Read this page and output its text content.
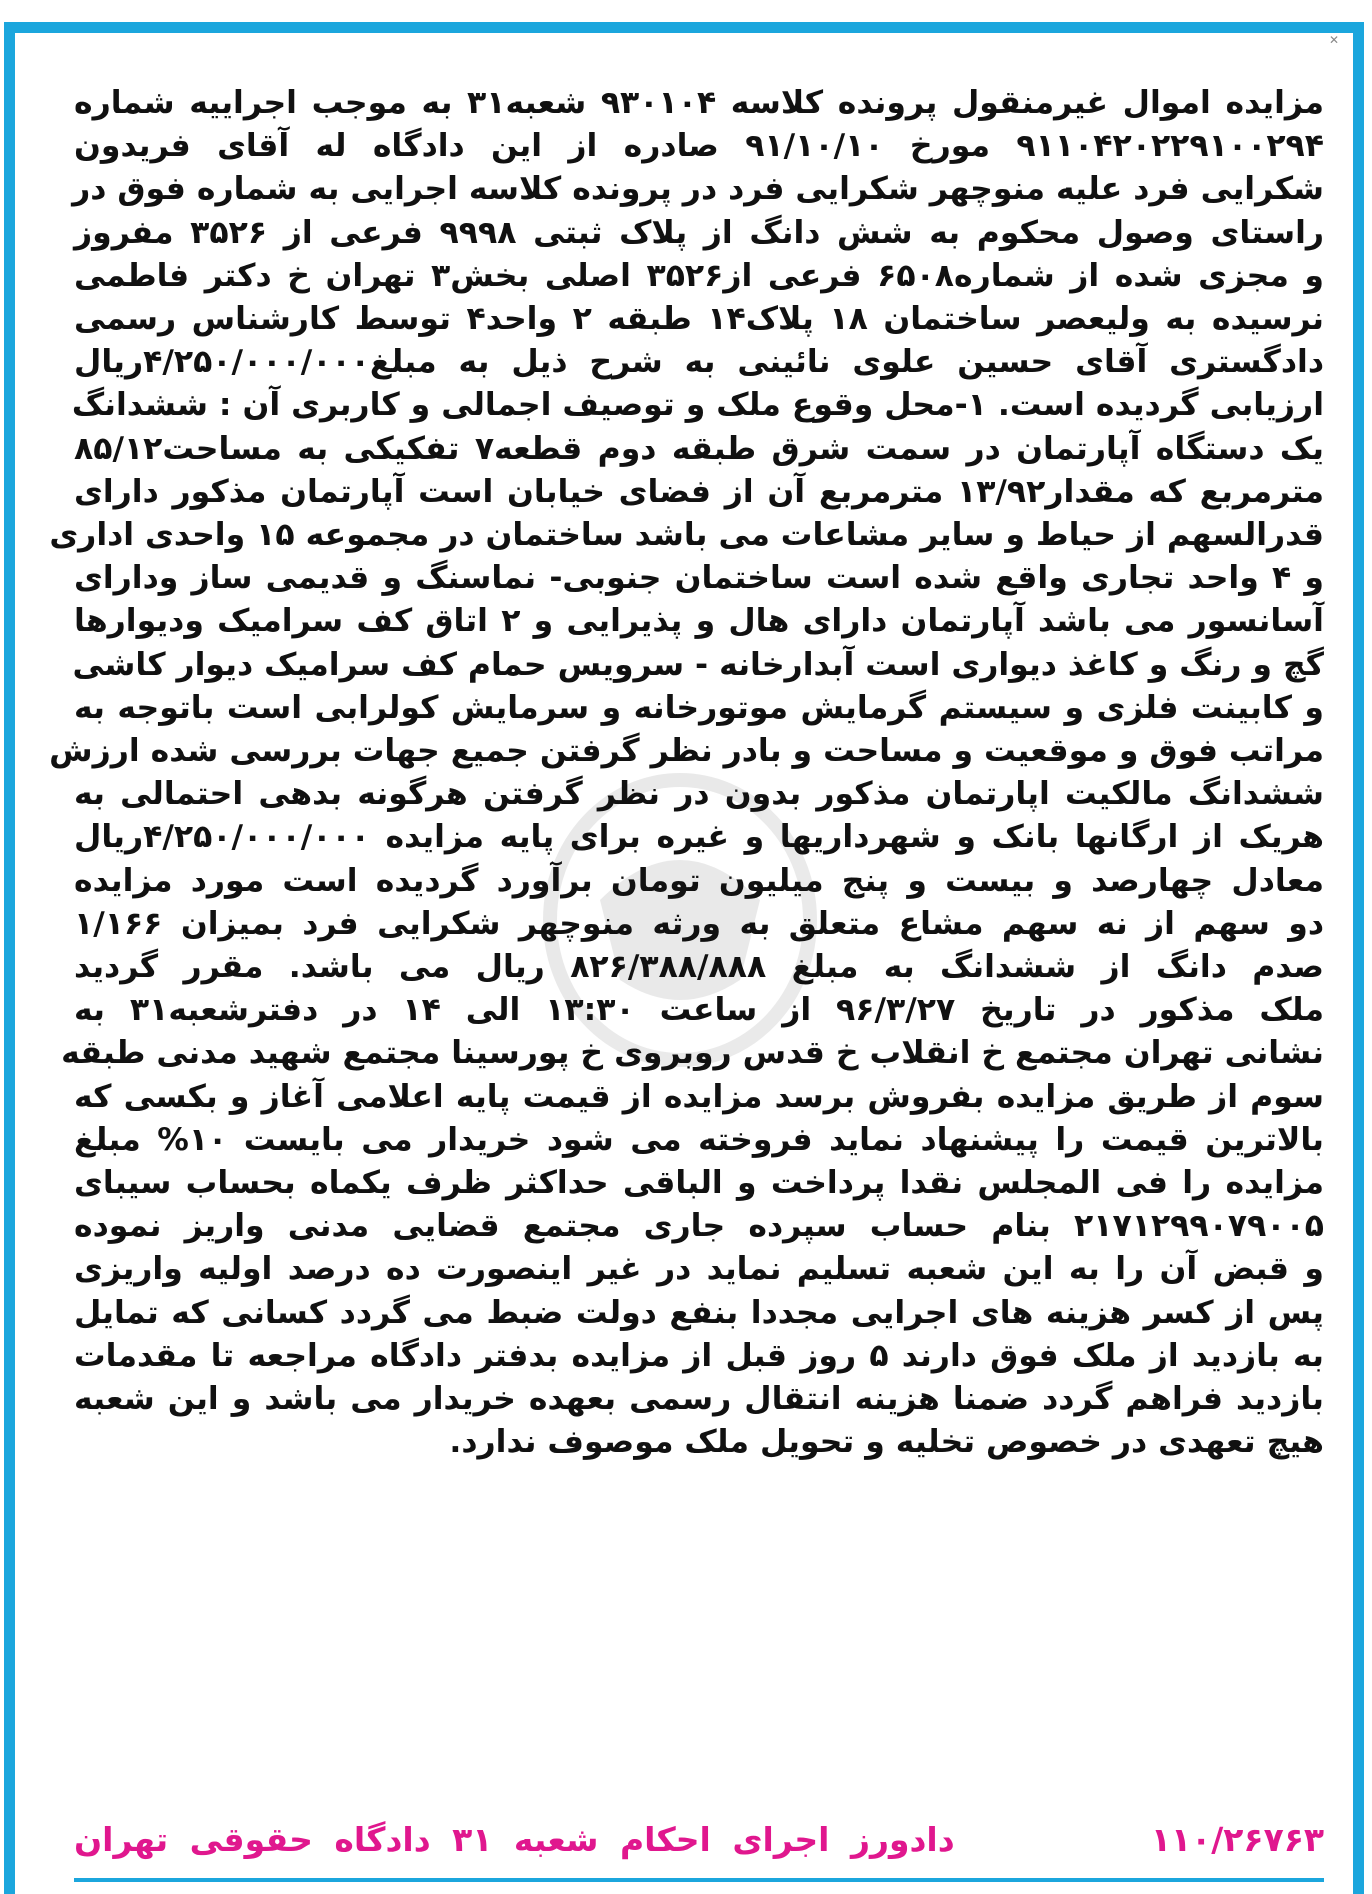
✕
مزایده اموال غیرمنقول پرونده کلاسه ۹۳۰۱۰۴ شعبه۳۱ به موجب اجراییه شماره
۹۱۱۰۴۲۰۲۲۹۱۰۰۲۹۴ مورخ ۹۱/۱۰/۱۰ صادره از این دادگاه له آقای فریدون
شکرایی فرد علیه منوچهر شکرایی فرد در پرونده کلاسه اجرایی به شماره فوق در
راستای وصول محکوم به شش دانگ از پلاک ثبتی ۹۹۹۸ فرعی از ۳۵۲۶ مفروز
و مجزی شده از شماره۶۵۰۸ فرعی از۳۵۲۶ اصلی بخش۳ تهران خ دکتر فاطمی
نرسیده به ولیعصر ساختمان ۱۸ پلاک۱۴ طبقه ۲ واحد۴ توسط کارشناس رسمی
دادگستری آقای حسین علوی نائینی به شرح ذیل به مبلغ۴/۲۵۰/۰۰۰/۰۰۰ریال
ارزیابی گردیده است. ۱-محل وقوع ملک و توصیف اجمالی و کاربری آن : ششدانگ
یک دستگاه آپارتمان در سمت شرق طبقه دوم قطعه۷ تفکیکی به مساحت۸۵/۱۲
مترمربع که مقدار۱۳/۹۲ مترمربع آن از فضای خیابان است آپارتمان مذکور دارای
قدرالسهم از حیاط و سایر مشاعات می باشد ساختمان در مجموعه ۱۵ واحدی اداری
و ۴ واحد تجاری واقع شده است ساختمان جنوبی- نماسنگ و قدیمی ساز ودارای
آسانسور می باشد آپارتمان دارای هال و پذیرایی و ۲ اتاق کف سرامیک ودیوارها
گچ و رنگ و کاغذ دیواری است آبدارخانه - سرویس حمام کف سرامیک دیوار کاشی
و کابینت فلزی و سیستم گرمایش موتورخانه و سرمایش کولرابی است باتوجه به
مراتب فوق و موقعیت و مساحت و بادر نظر گرفتن جمیع جهات بررسی شده ارزش
ششدانگ مالکیت اپارتمان مذکور بدون در نظر گرفتن هرگونه بدهی احتمالی به
هریک از ارگانها بانک و شهرداریها و غیره برای پایه مزایده ۴/۲۵۰/۰۰۰/۰۰۰ریال
معادل چهارصد و بیست و پنج میلیون تومان برآورد گردیده است مورد مزایده
دو سهم از نه سهم مشاع متعلق به ورثه منوچهر شکرایی فرد بمیزان ۱/۱۶۶
صدم دانگ از ششدانگ به مبلغ ۸۲۶/۳۸۸/۸۸۸ ریال می باشد. مقرر گردید
ملک مذکور در تاریخ ۹۶/۳/۲۷ از ساعت ۱۳:۳۰ الی ۱۴ در دفترشعبه۳۱ به
نشانی تهران مجتمع خ انقلاب خ قدس روبروی خ پورسینا مجتمع شهید مدنی طبقه
سوم از طریق مزایده بفروش برسد مزایده از قیمت پایه اعلامی آغاز و بکسی که
بالاترین قیمت را پیشنهاد نماید فروخته می شود خریدار می بایست ۱۰% مبلغ
مزایده را فی المجلس نقدا پرداخت و الباقی حداکثر ظرف یکماه بحساب سیبای
۲۱۷۱۲۹۹۰۷۹۰۰۵ بنام حساب سپرده جاری مجتمع قضایی مدنی واریز نموده
و قبض آن را به این شعبه تسلیم نماید در غیر اینصورت ده درصد اولیه واریزی
پس از کسر هزینه های اجرایی مجددا بنفع دولت ضبط می گردد کسانی که تمایل
به بازدید از ملک فوق دارند ۵ روز قبل از مزایده بدفتر دادگاه مراجعه تا مقدمات
بازدید فراهم گردد ضمنا هزینه انتقال رسمی بعهده خریدار می باشد و این شعبه
هیچ تعهدی در خصوص تخلیه و تحویل ملک موصوف ندارد.
۱۱۰/۲۶۷۶۳
دادورز اجرای احکام شعبه ۳۱ دادگاه حقوقی تهران
